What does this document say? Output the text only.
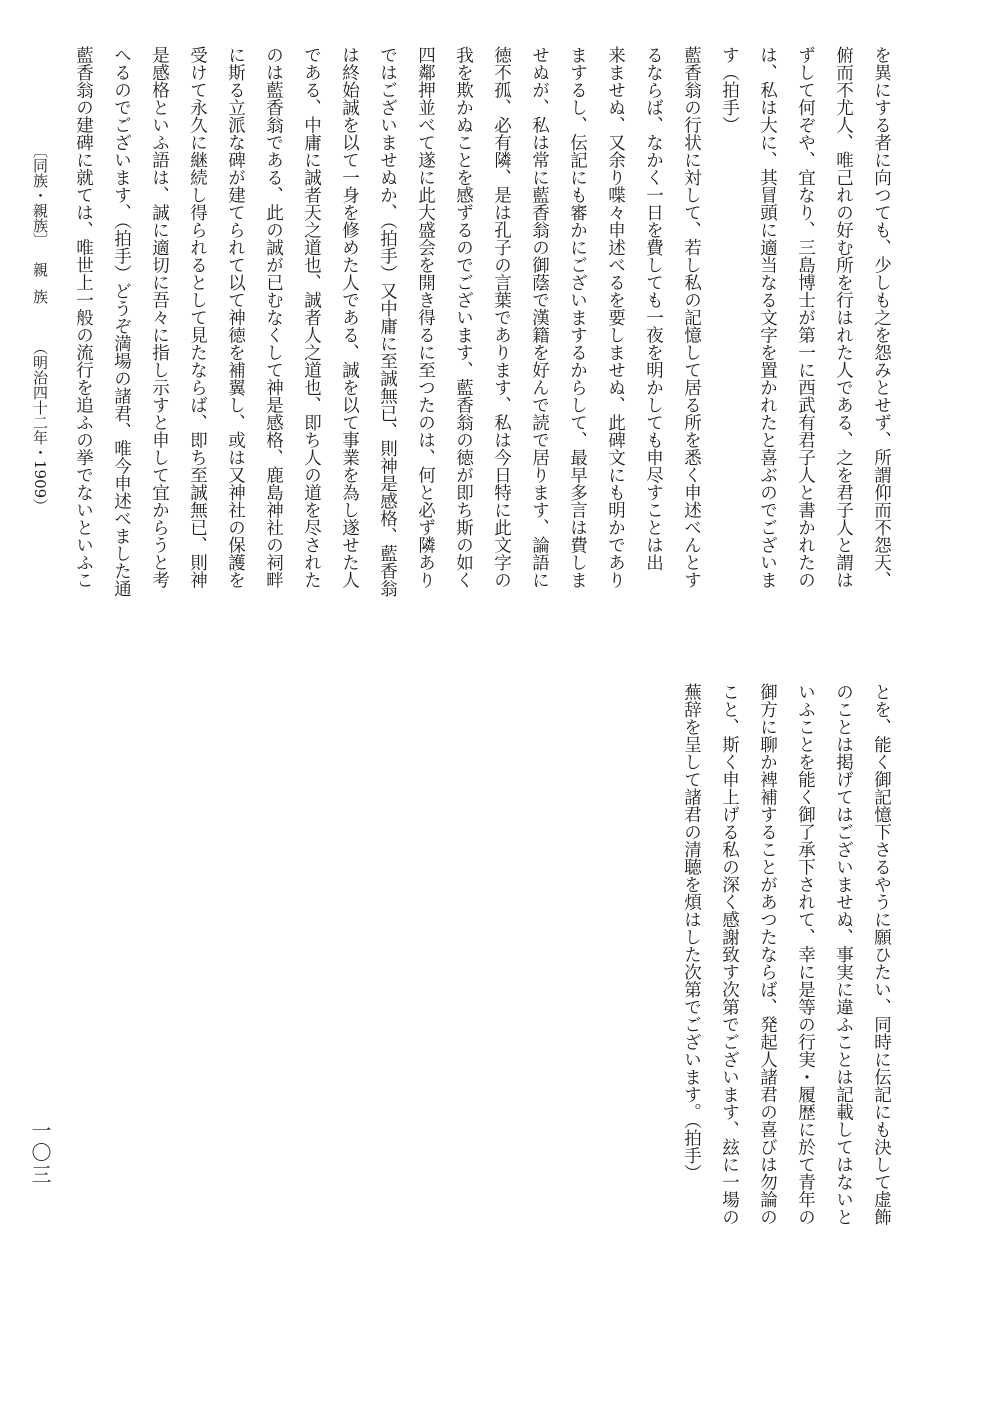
を異にする者に向つても、少しも之を怨みとせず、所謂仰而不怨天、
俯而不尤人、唯己れの好む所を行はれた人である、之を君子人と謂は
ずして何ぞや、宜なり、三島博士が第一に西武有君子人と書かれたの
は、私は大に、其冒頭に適当なる文字を置かれたと喜ぶのでございま
す（拍手）
藍香翁の行状に対して、若し私の記憶して居る所を悉く申述べんとす
るならば、なかく一日を費しても一夜を明かしても申尽すことは出
来ませぬ、又余り喋々申述べるを要しませぬ、此碑文にも明かであり
まするし、伝記にも審かにございまするからして、最早多言は費しま
せぬが、私は常に藍香翁の御蔭で漢籍を好んで読で居ります、論語に
徳不孤、必有隣、是は孔子の言葉であります、私は今日特に此文字の
我を欺かぬことを感ずるのでございます、藍香翁の徳が即ち斯の如く
四鄰押並べて遂に此大盛会を開き得るに至つたのは、何と必ず隣あり
ではございませぬか、（拍手）又中庸に至誠無已、則神是感格、藍香翁
は終始誠を以て一身を修めた人である、誠を以て事業を為し遂せた人
である、中庸に誠者天之道也、誠者人之道也、即ち人の道を尽された
のは藍香翁である、此の誠が已むなくして神是感格、鹿島神社の祠畔
に斯る立派な碑が建てられて以て神徳を補翼し、或は又神社の保護を
受けて永久に継続し得られるとして見たならば、即ち至誠無已、則神
是感格といふ語は、誠に適切に吾々に指し示すと申して宜からうと考
へるのでございます、（拍手）どうぞ満場の諸君、唯今申述べました通
藍香翁の建碑に就ては、唯世上一般の流行を追ふの挙でないといふこ
とを、能く御記憶下さるやうに願ひたい、同時に伝記にも決して虚飾
のことは掲げてはございませぬ、事実に違ふことは記載してはないと
いふことを能く御了承下されて、幸に是等の行実・履歴に於て青年の
御方に聊か裨補することがあつたならば、発起人諸君の喜びは勿論の
こと、斯く申上げる私の深く感謝致す次第でございます、玆に一場の
蕪辞を呈して諸君の清聴を煩はした次第でございます。（拍手）
〔同族・親族〕
親族
（明治四十二年・1909）
一〇三
